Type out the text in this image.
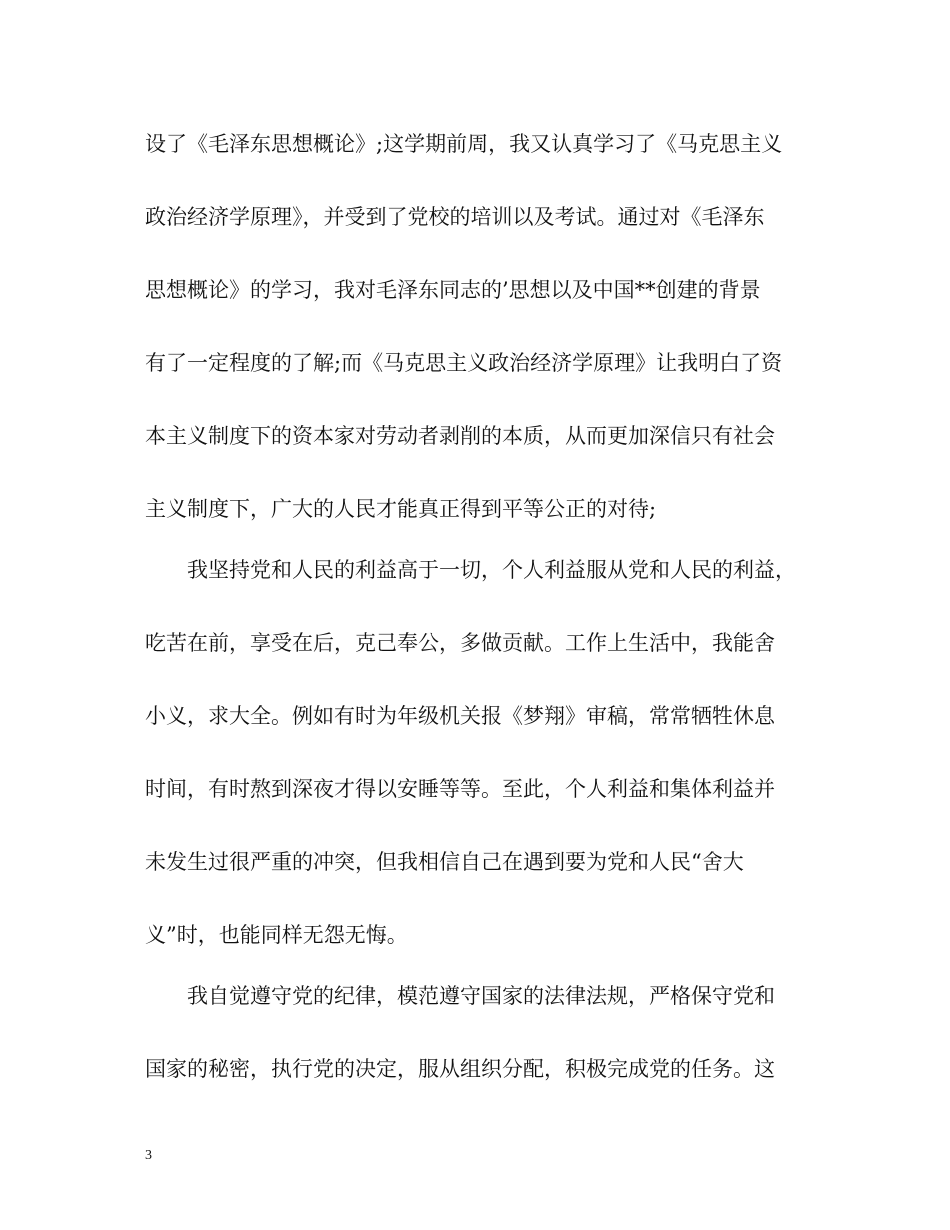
设了《毛泽东思想概论》;这学期前周，我又认真学习了《马克思主义
政治经济学原理》，并受到了党校的培训以及考试。通过对《毛泽东
思想概论》的学习，我对毛泽东同志的’思想以及中国**创建的背景
有了一定程度的了解;而《马克思主义政治经济学原理》让我明白了资
本主义制度下的资本家对劳动者剥削的本质，从而更加深信只有社会
主义制度下，广大的人民才能真正得到平等公正的对待;
我坚持党和人民的利益高于一切，个人利益服从党和人民的利益，
吃苦在前，享受在后，克己奉公，多做贡献。工作上生活中，我能舍
小义，求大全。例如有时为年级机关报《梦翔》审稿，常常牺牲休息
时间，有时熬到深夜才得以安睡等等。至此，个人利益和集体利益并
未发生过很严重的冲突，但我相信自己在遇到要为党和人民“舍大
义”时，也能同样无怨无悔。
我自觉遵守党的纪律，模范遵守国家的法律法规，严格保守党和
国家的秘密，执行党的决定，服从组织分配，积极完成党的任务。这
3
